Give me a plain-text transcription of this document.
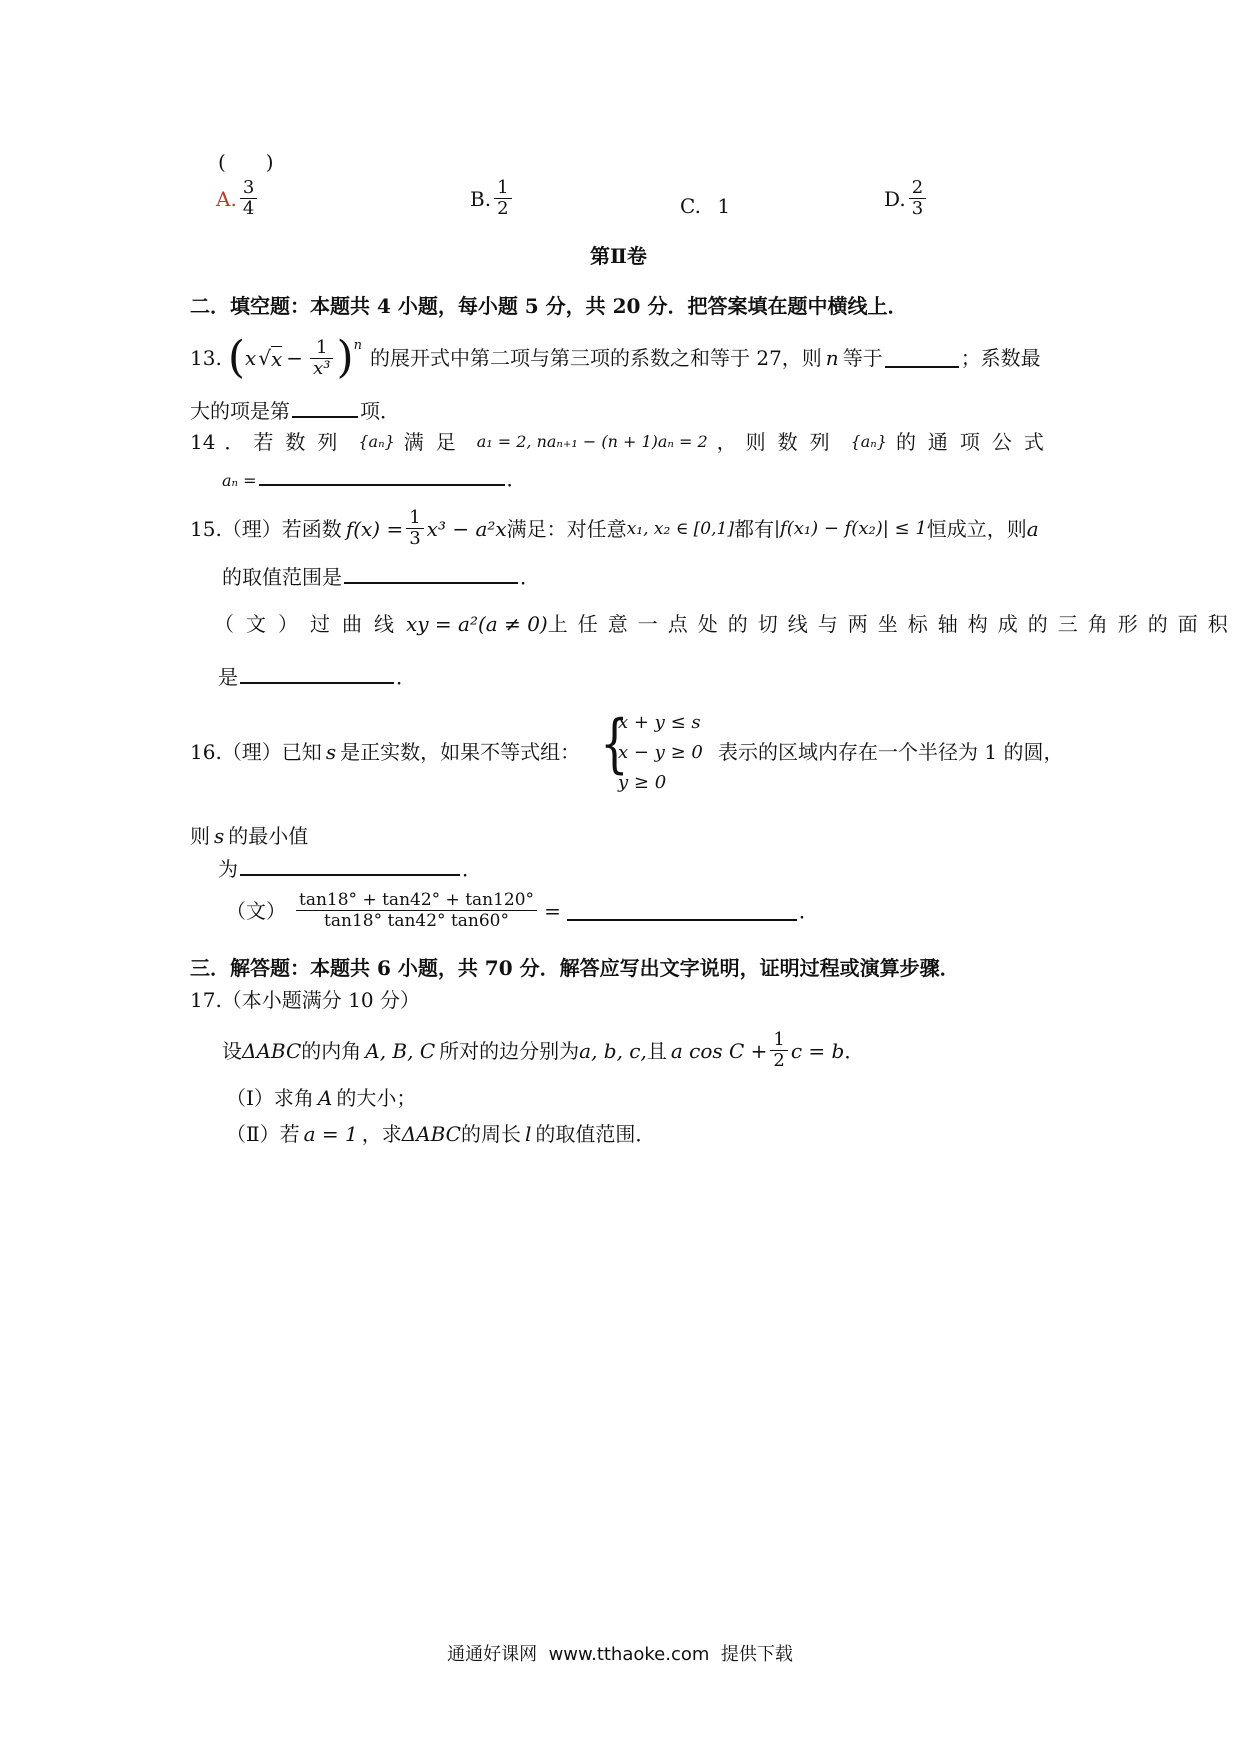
(　　)
A. $\frac{3}{4}$	B. $\frac{1}{2}$	C. 1	D. $\frac{2}{3}$
第Ⅱ卷
二．填空题：本题共 4 小题，每小题 5 分，共 20 分．把答案填在题中横线上．
13. ( x √ $x - \frac{1}{\text{x³}}$ ) n
的展开式中第二项与第三项的系数之和等于 27，则 n 等于	；系数最
大的项是第	项．
14 ． 若数列 {aₙ} 满足 a₁ = 2, naₙ₊₁ − (n + 1)aₙ = 2 ， 则数列 {aₙ} 的通项公式
aₙ =	．
15. （理）若函数 $f(x) = \frac{1}{3} x^3 - a^2x$ 满足：对任意 x₁, x₂ ∈ [0,1] 都有 |f(x₁) − f(x₂)| ≤ 1 恒成立，则 a
的取值范围是	．
（文）过曲线 xy = a²(a ≠ 0) 上任意一点处的切线与两坐标轴构成的三角形的面积
是	．
16.（理）已知 s 是正实数，如果不等式组： {
x + y ≤ s
x − y ≥ 0
y ≥ 0
表示的区域内存在一个半径为 1 的圆，
则 s 的最小值
为	．
（文） $\frac{\tan 18^\circ + \tan 42^\circ + \tan 120^\circ}{\tan 18^\circ \tan 42^\circ \tan 60^\circ}$ =	．
三．解答题：本题共 6 小题，共 70 分．解答应写出文字说明，证明过程或演算步骤．
17.（本小题满分 10 分）
设 ΔABC 的内角 A, B, C 所对的边分别为 a, b, c, 且 a $\cos C + \frac{1}{2}$ c = b ．
（Ⅰ）求角 A 的大小；
（Ⅱ）若 a = 1 ，求ΔABC的周长 l 的取值范围．
通通好课网  www.tthaoke.com  提供下载
